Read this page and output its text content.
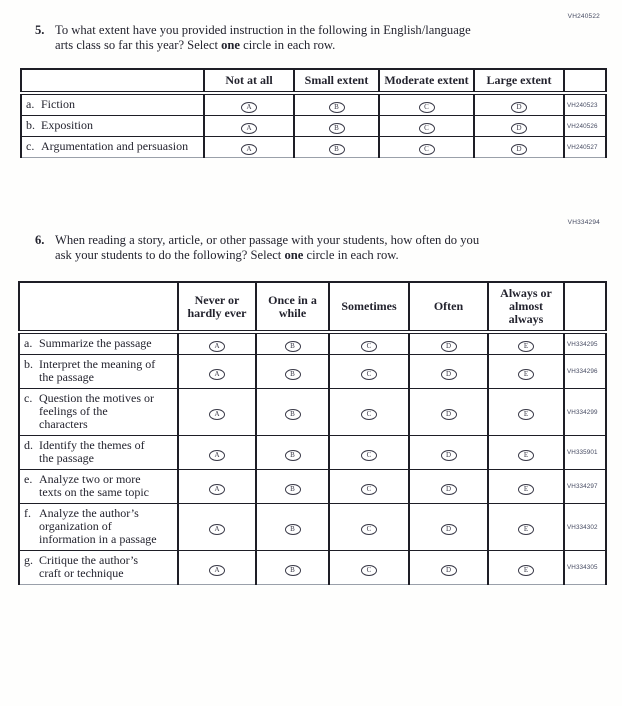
VH240522
5. To what extent have you provided instruction in the following in English/language
arts class so far this year? Select one circle in each row.
	Not at all	Small extent	Moderate extent	Large extent	

a. Fiction	A	B	C	D	VH240523

b. Exposition	A	B	C	D	VH240526

c. Argumentation and persuasion	A	B	C	D	VH240527
VH334294
6. When reading a story, article, or other passage with your students, how often do you
ask your students to do the following? Select one circle in each row.
	Never or hardly ever	Once in a while	Sometimes	Often	Always or almost always	

a. Summarize the passage	A	B	C	D	E	VH334295

b. Interpret the meaning of the passage	A	B	C	D	E	VH334296

c. Question the motives or feelings of the characters	A	B	C	D	E	VH334299

d. Identify the themes of the passage	A	B	C	D	E	VH335901

e. Analyze two or more texts on the same topic	A	B	C	D	E	VH334297

f. Analyze the author’s organization of information in a passage	A	B	C	D	E	VH334302

g. Critique the author’s craft or technique	A	B	C	D	E	VH334305
